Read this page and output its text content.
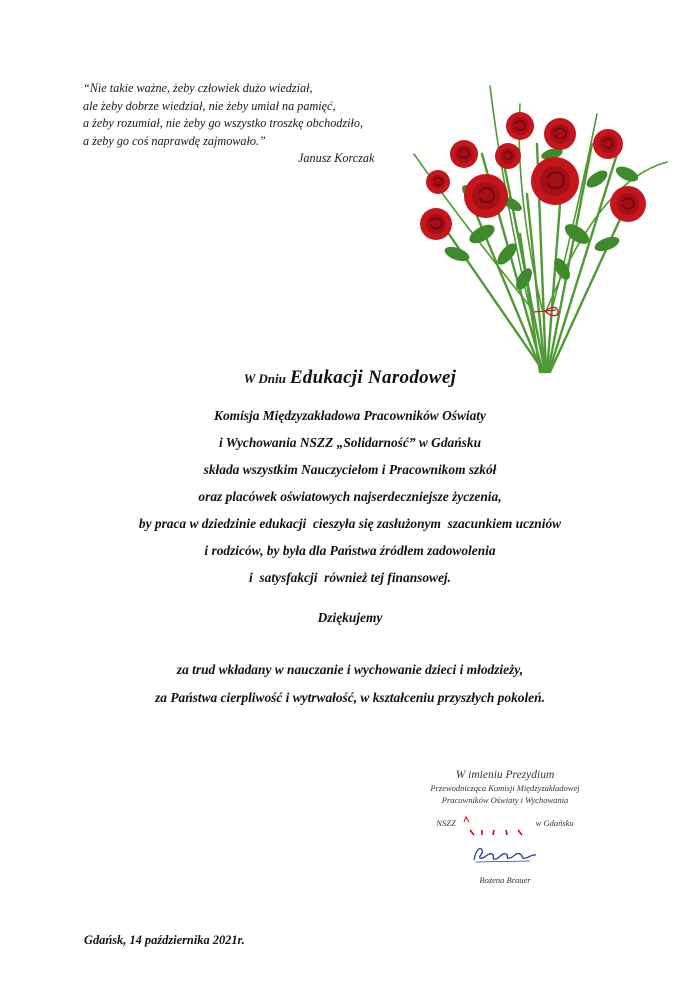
“Nie takie ważne, żeby człowiek dużo wiedział,
ale żeby dobrze wiedział, nie żeby umiał na pamięć,
a żeby rozumiał, nie żeby go wszystko troszkę obchodziło,
a żeby go coś naprawdę zajmowało.”
Janusz Korczak
W Dniu Edukacji Narodowej
Komisja Międzyzakładowa Pracowników Oświaty
i Wychowania NSZZ „Solidarność” w Gdańsku
składa wszystkim Nauczycielom i Pracownikom szkół
oraz placówek oświatowych najserdeczniejsze życzenia,
by praca w dziedzinie edukacji  cieszyła się zasłużonym  szacunkiem uczniów
i rodziców, by była dla Państwa źródłem zadowolenia
i  satysfakcji  również tej finansowej.
Dziękujemy
za trud wkładany w nauczanie i wychowanie dzieci i młodzieży,
za Państwa cierpliwość i wytrwałość, w kształceniu przyszłych pokoleń.
W imieniu Prezydium
Przewodnicząca Komisji Międzyzakładowej
Pracowników Oświaty i Wychowania
NSZZ	w Gdańsku
Bożena Brauer
Gdańsk, 14 października 2021r.
